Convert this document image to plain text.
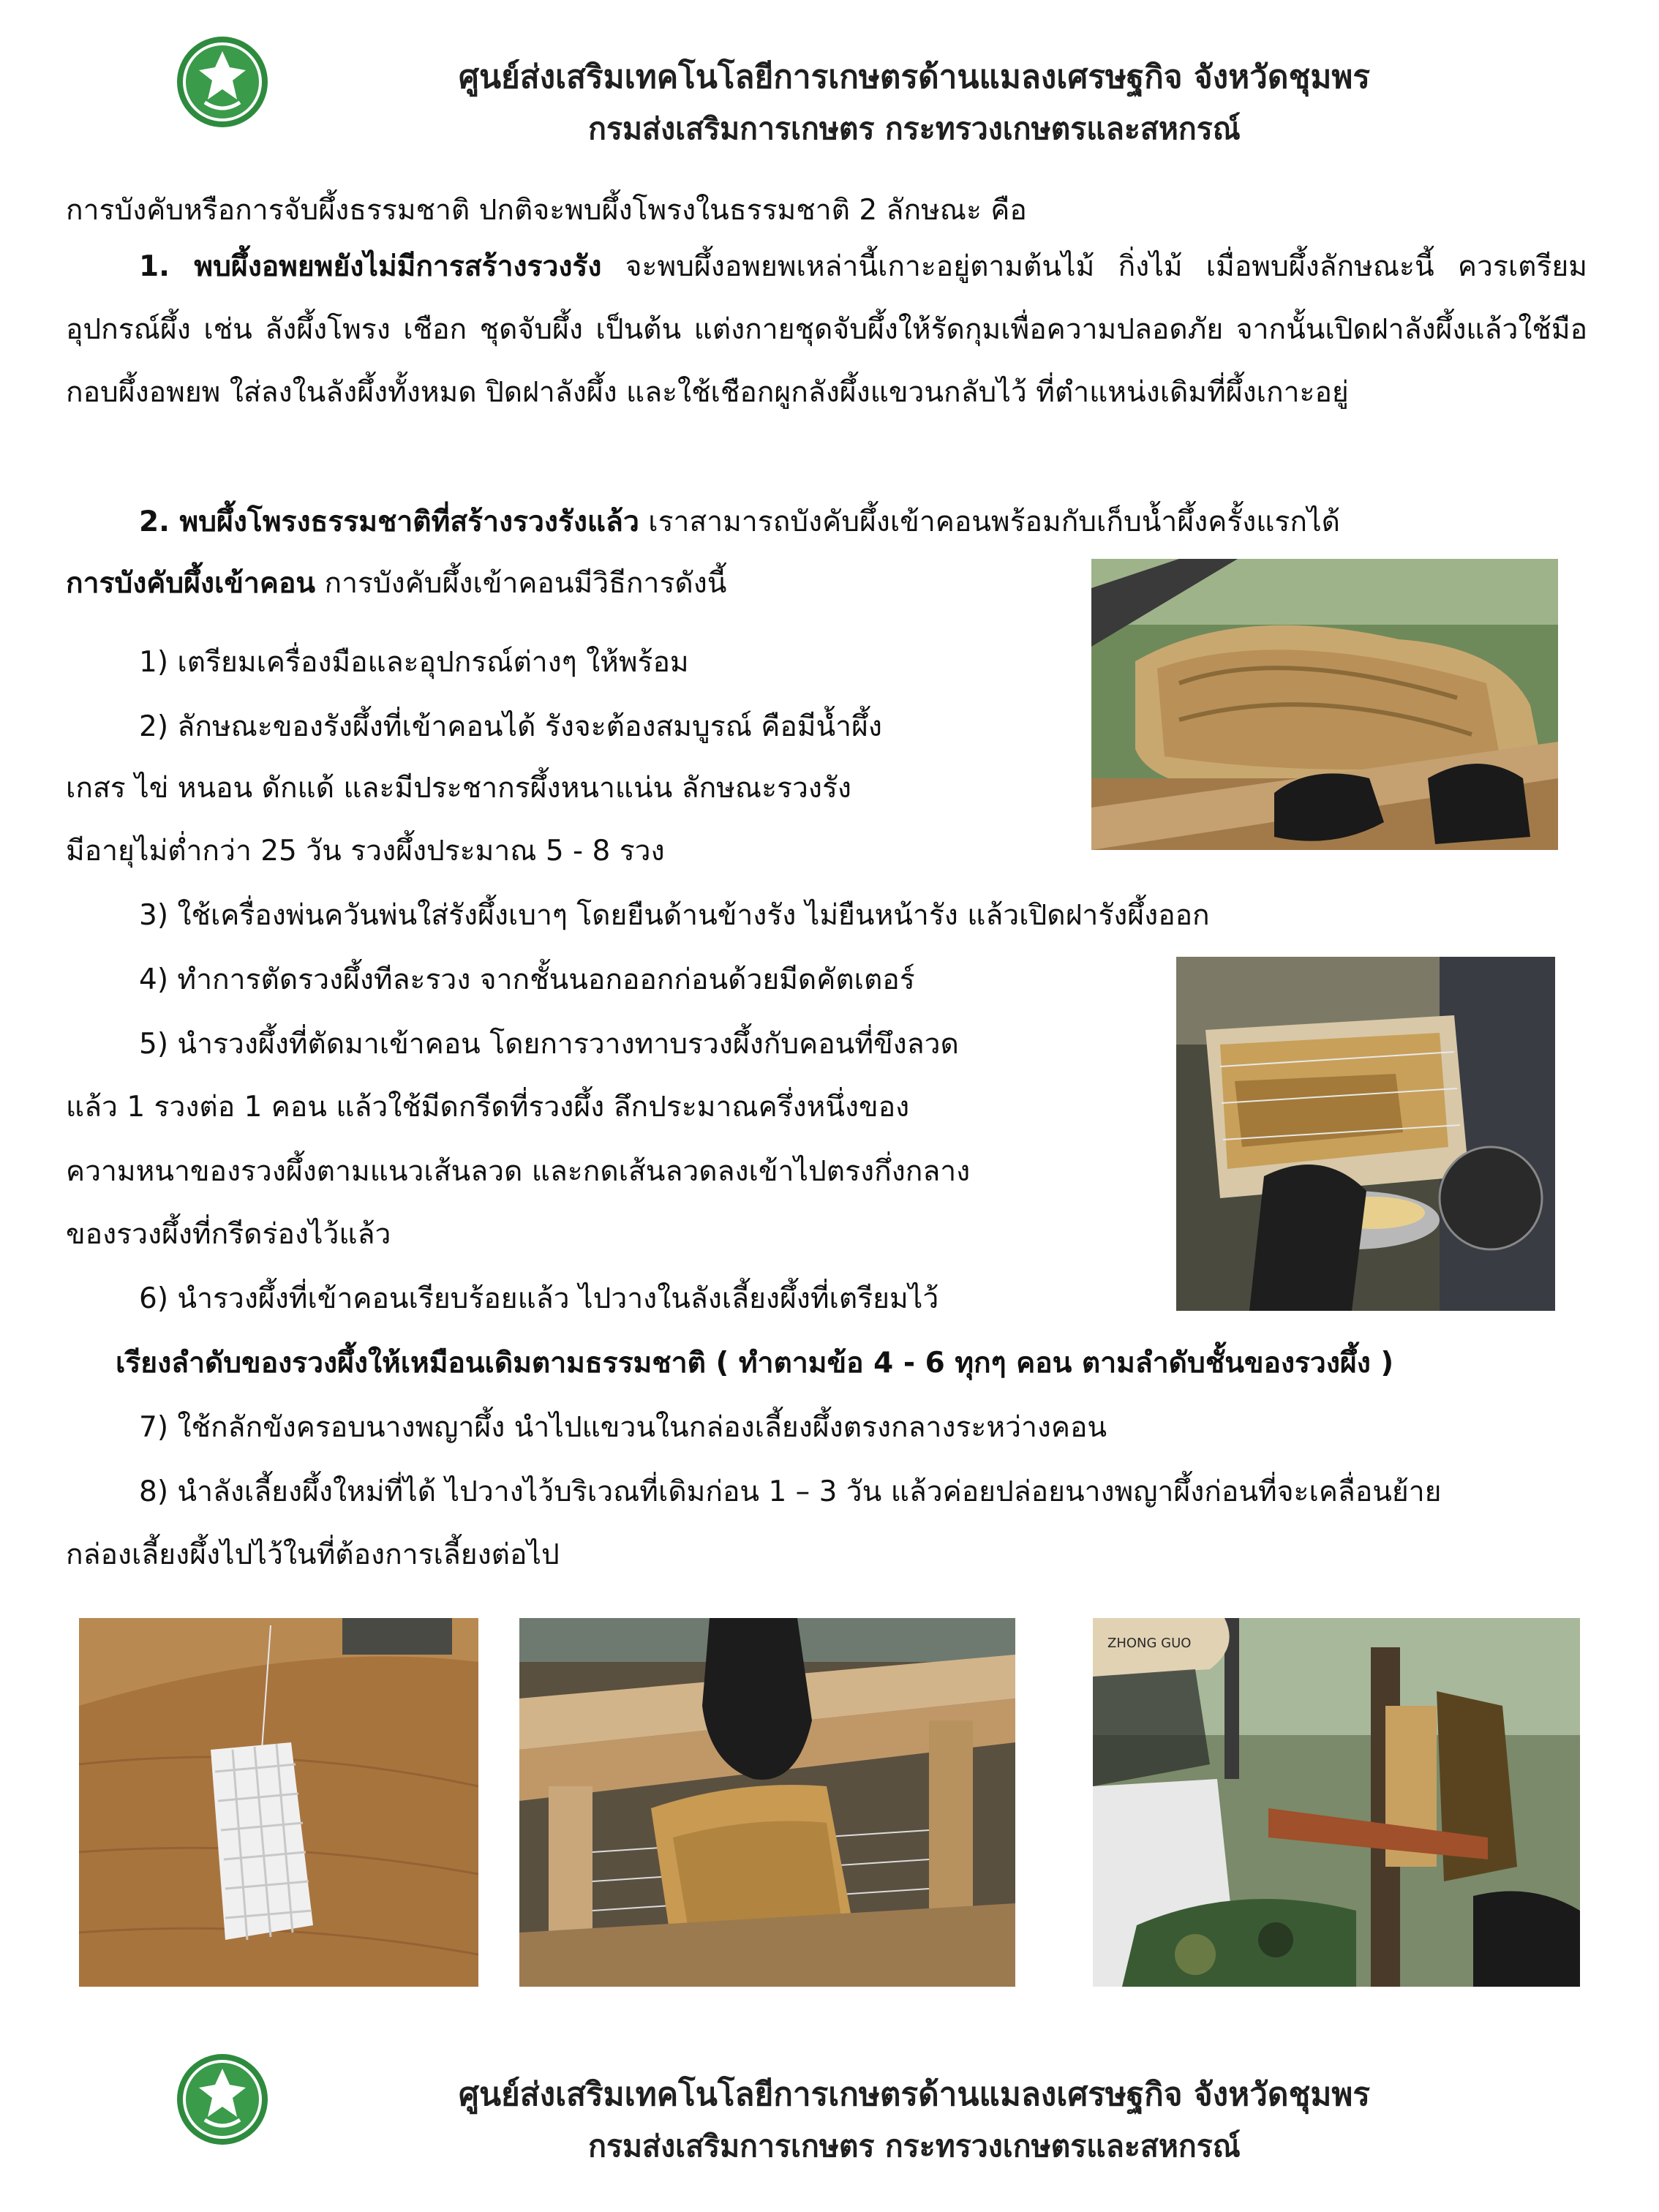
ศูนย์ส่งเสริมเทคโนโลยีการเกษตรด้านแมลงเศรษฐกิจ จังหวัดชุมพร
กรมส่งเสริมการเกษตร กระทรวงเกษตรและสหกรณ์
การบังคับหรือการจับผึ้งธรรมชาติ ปกติจะพบผึ้งโพรงในธรรมชาติ 2 ลักษณะ คือ
1. พบผึ้งอพยพยังไม่มีการสร้างรวงรัง จะพบผึ้งอพยพเหล่านี้เกาะอยู่ตามต้นไม้ กิ่งไม้ เมื่อพบผึ้งลักษณะนี้ ควรเตรียมอุปกรณ์ผึ้ง เช่น ลังผึ้งโพรง เชือก ชุดจับผึ้ง เป็นต้น แต่งกายชุดจับผึ้งให้รัดกุมเพื่อความปลอดภัย จากนั้นเปิดฝาลังผึ้งแล้วใช้มือกอบผึ้งอพยพ ใส่ลงในลังผึ้งทั้งหมด ปิดฝาลังผึ้ง และใช้เชือกผูกลังผึ้งแขวนกลับไว้ ที่ตำแหน่งเดิมที่ผึ้งเกาะอยู่
2. พบผึ้งโพรงธรรมชาติที่สร้างรวงรังแล้ว เราสามารถบังคับผึ้งเข้าคอนพร้อมกับเก็บน้ำผึ้งครั้งแรกได้
การบังคับผึ้งเข้าคอน การบังคับผึ้งเข้าคอนมีวิธีการดังนี้
1) เตรียมเครื่องมือและอุปกรณ์ต่างๆ ให้พร้อม
2) ลักษณะของรังผึ้งที่เข้าคอนได้ รังจะต้องสมบูรณ์ คือมีน้ำผึ้ง
เกสร ไข่ หนอน ดักแด้ และมีประชากรผึ้งหนาแน่น ลักษณะรวงรัง
มีอายุไม่ต่ำกว่า 25 วัน รวงผึ้งประมาณ 5 - 8 รวง
3) ใช้เครื่องพ่นควันพ่นใส่รังผึ้งเบาๆ โดยยืนด้านข้างรัง ไม่ยืนหน้ารัง แล้วเปิดฝารังผึ้งออก
4) ทำการตัดรวงผึ้งทีละรวง จากชั้นนอกออกก่อนด้วยมีดคัตเตอร์
5) นำรวงผึ้งที่ตัดมาเข้าคอน โดยการวางทาบรวงผึ้งกับคอนที่ขึงลวด
แล้ว 1 รวงต่อ 1 คอน แล้วใช้มีดกรีดที่รวงผึ้ง ลึกประมาณครึ่งหนึ่งของ
ความหนาของรวงผึ้งตามแนวเส้นลวด และกดเส้นลวดลงเข้าไปตรงกึ่งกลาง
ของรวงผึ้งที่กรีดร่องไว้แล้ว
6) นำรวงผึ้งที่เข้าคอนเรียบร้อยแล้ว ไปวางในลังเลี้ยงผึ้งที่เตรียมไว้
เรียงลำดับของรวงผึ้งให้เหมือนเดิมตามธรรมชาติ ( ทำตามข้อ 4 - 6 ทุกๆ คอน ตามลำดับชั้นของรวงผึ้ง )
7) ใช้กลักขังครอบนางพญาผึ้ง นำไปแขวนในกล่องเลี้ยงผึ้งตรงกลางระหว่างคอน
8) นำลังเลี้ยงผึ้งใหม่ที่ได้ ไปวางไว้บริเวณที่เดิมก่อน 1 – 3 วัน แล้วค่อยปล่อยนางพญาผึ้งก่อนที่จะเคลื่อนย้าย
กล่องเลี้ยงผึ้งไปไว้ในที่ต้องการเลี้ยงต่อไป
ZHONG GUO
ศูนย์ส่งเสริมเทคโนโลยีการเกษตรด้านแมลงเศรษฐกิจ จังหวัดชุมพร
กรมส่งเสริมการเกษตร กระทรวงเกษตรและสหกรณ์
